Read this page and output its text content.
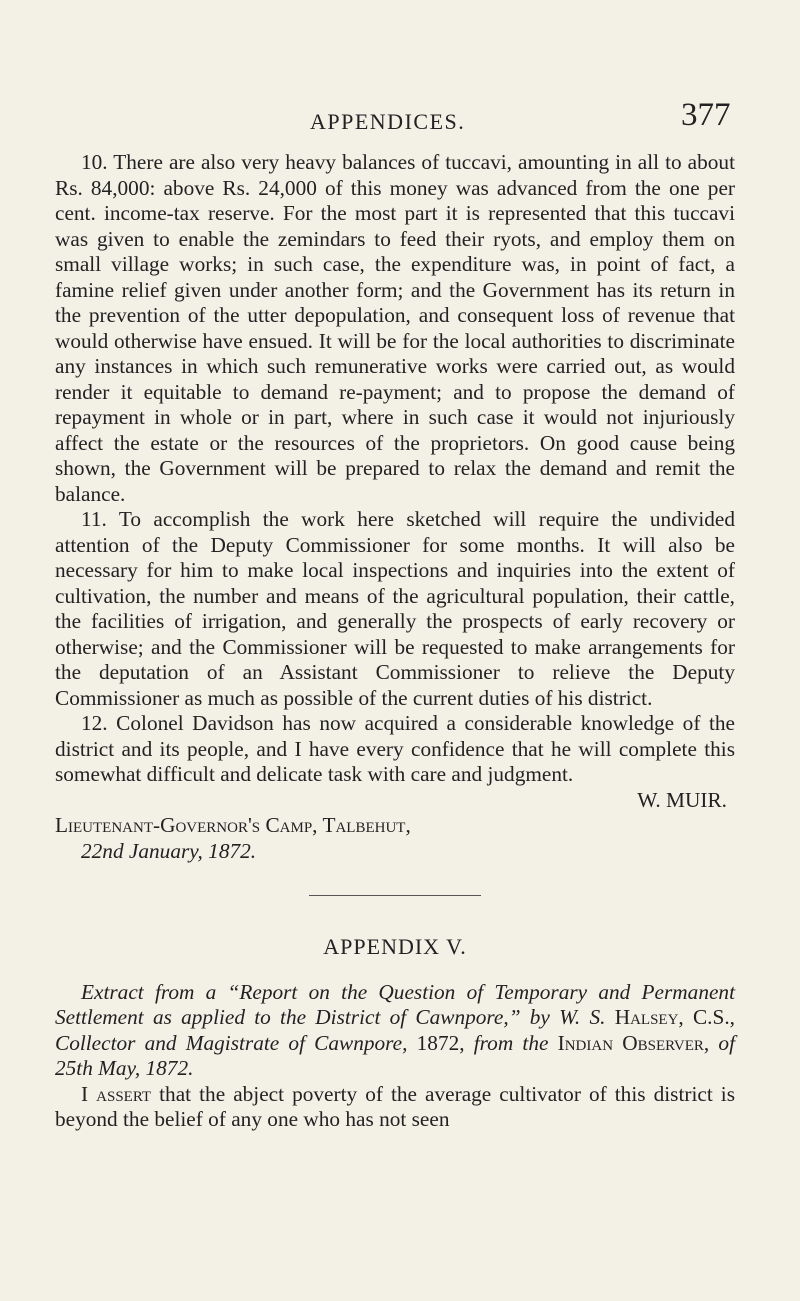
APPENDICES.	377

10. There are also very heavy balances of tuccavi, amounting in all to about Rs. 84,000: above Rs. 24,000 of this money was advanced from the one per cent. income-tax reserve. For the most part it is represented that this tuccavi was given to enable the zemindars to feed their ryots, and employ them on small village works; in such case, the expenditure was, in point of fact, a famine relief given under another form; and the Government has its return in the prevention of the utter depopulation, and consequent loss of revenue that would otherwise have ensued. It will be for the local authorities to discriminate any instances in which such remunerative works were carried out, as would render it equitable to demand re-payment; and to propose the demand of repayment in whole or in part, where in such case it would not injuriously affect the estate or the resources of the proprietors. On good cause being shown, the Government will be prepared to relax the demand and remit the balance.

11. To accomplish the work here sketched will require the undivided attention of the Deputy Commissioner for some months. It will also be necessary for him to make local inspections and inquiries into the extent of cultivation, the number and means of the agricultural population, their cattle, the facilities of irrigation, and generally the prospects of early recovery or otherwise; and the Commissioner will be requested to make arrangements for the deputation of an Assistant Commissioner to relieve the Deputy Commissioner as much as possible of the current duties of his district.

12. Colonel Davidson has now acquired a considerable knowledge of the district and its people, and I have every confidence that he will complete this somewhat difficult and delicate task with care and judgment.

W. MUIR.

Lieutenant-Governor's Camp, Talbehut,

22nd January, 1872.

APPENDIX V.

Extract from a “Report on the Question of Temporary and Permanent Settlement as applied to the District of Cawnpore,” by W. S. Halsey, C.S., Collector and Magistrate of Cawnpore, 1872, from the Indian Observer, of 25th May, 1872.

I assert that the abject poverty of the average cultivator of this district is beyond the belief of any one who has not seen
